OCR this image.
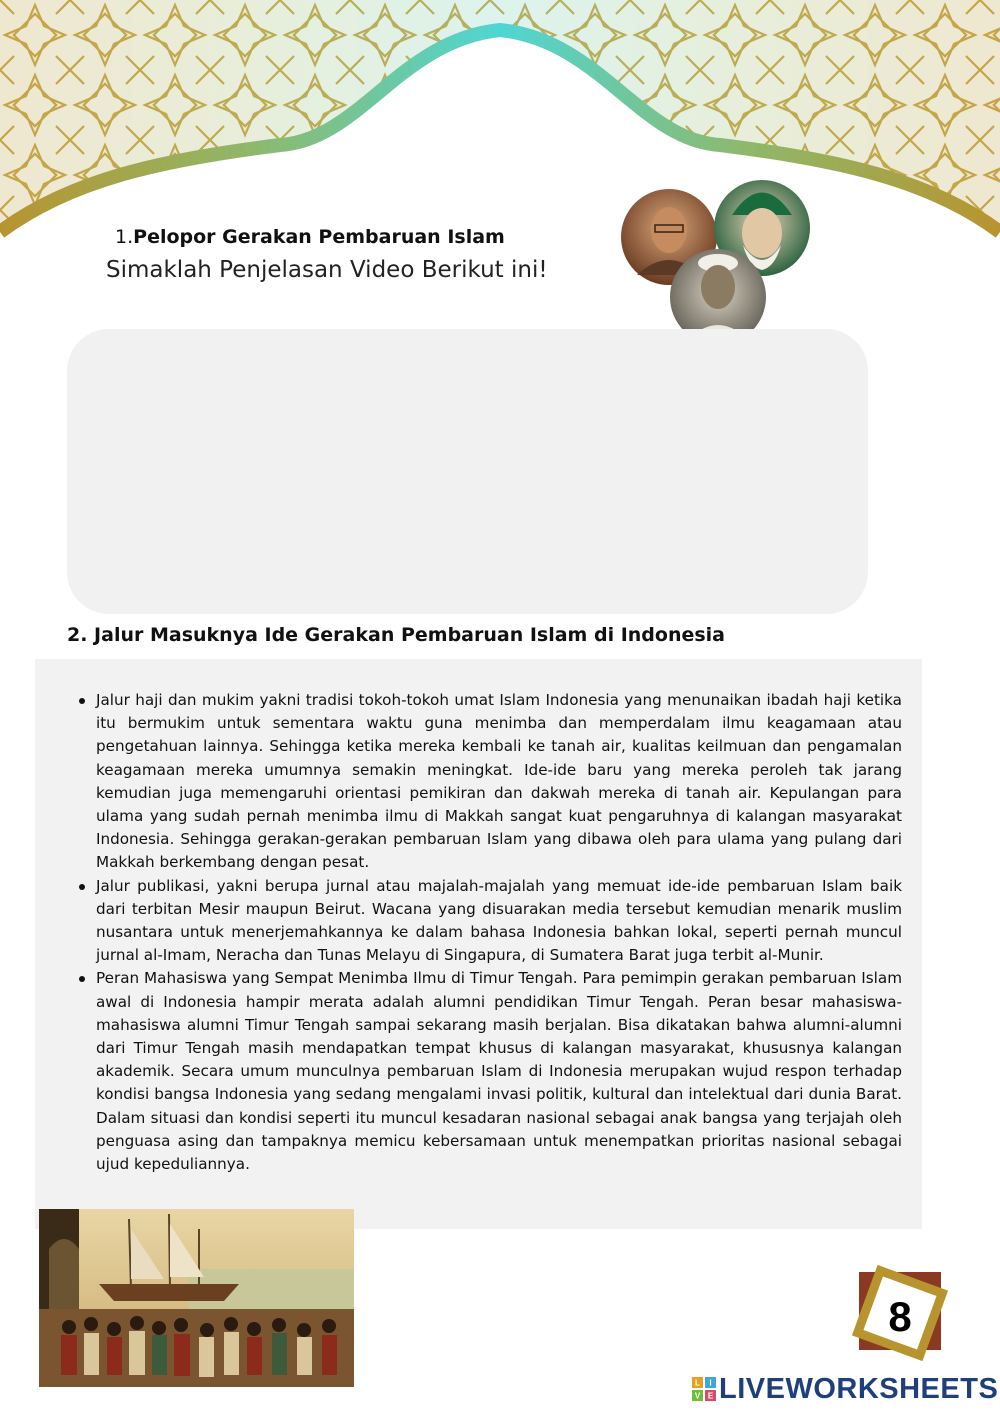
1.Pelopor Gerakan Pembaruan Islam
Simaklah Penjelasan Video Berikut ini!
2. Jalur Masuknya Ide Gerakan Pembaruan Islam di Indonesia
Jalur haji dan mukim yakni tradisi tokoh-tokoh umat Islam Indonesia yang menunaikan ibadah haji ketika itu bermukim untuk sementara waktu guna menimba dan memperdalam ilmu keagamaan atau pengetahuan lainnya. Sehingga ketika mereka kembali ke tanah air, kualitas keilmuan dan pengamalan keagamaan mereka umumnya semakin meningkat. Ide-ide baru yang mereka peroleh tak jarang kemudian juga memengaruhi orientasi pemikiran dan dakwah mereka di tanah air. Kepulangan para ulama yang sudah pernah menimba ilmu di Makkah sangat kuat pengaruhnya di kalangan masyarakat Indonesia. Sehingga gerakan-gerakan pembaruan Islam yang dibawa oleh para ulama yang pulang dari Makkah berkembang dengan pesat.
Jalur publikasi, yakni berupa jurnal atau majalah-majalah yang memuat ide-ide pembaruan Islam baik dari terbitan Mesir maupun Beirut. Wacana yang disuarakan media tersebut kemudian menarik muslim nusantara untuk menerjemahkannya ke dalam bahasa Indonesia bahkan lokal, seperti pernah muncul jurnal al-Imam, Neracha dan Tunas Melayu di Singapura, di Sumatera Barat juga terbit al-Munir.
Peran Mahasiswa yang Sempat Menimba Ilmu di Timur Tengah. Para pemimpin gerakan pembaruan Islam awal di Indonesia hampir merata adalah alumni pendidikan Timur Tengah. Peran besar mahasiswa-mahasiswa alumni Timur Tengah sampai sekarang masih berjalan. Bisa dikatakan bahwa alumni-alumni dari Timur Tengah masih mendapatkan tempat khusus di kalangan masyarakat, khususnya kalangan akademik. Secara umum munculnya pembaruan Islam di Indonesia merupakan wujud respon terhadap kondisi bangsa Indonesia yang sedang mengalami invasi politik, kultural dan intelektual dari dunia Barat. Dalam situasi dan kondisi seperti itu muncul kesadaran nasional sebagai anak bangsa yang terjajah oleh penguasa asing dan tampaknya memicu kebersamaan untuk menempatkan prioritas nasional sebagai ujud kepeduliannya.
8
L I
V E LIVEWORKSHEETS
